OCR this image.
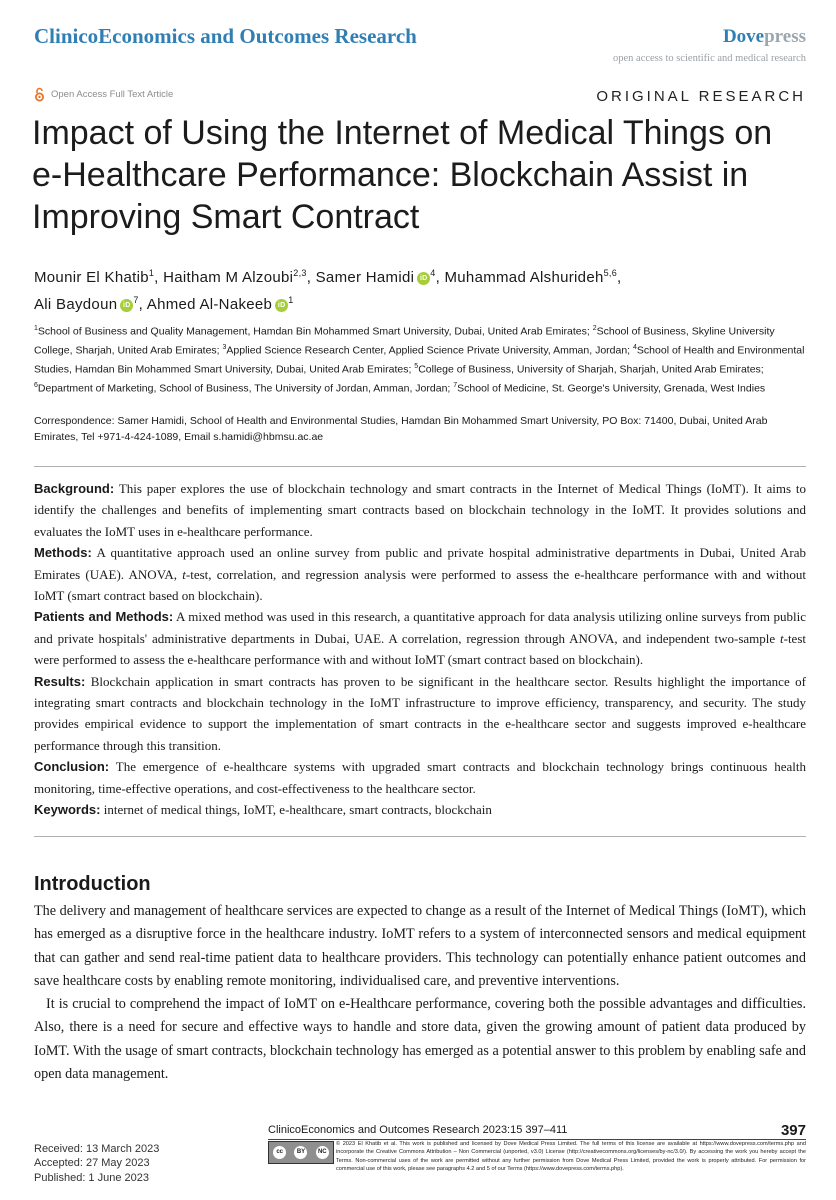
ClinicoEconomics and Outcomes Research	Dovepress
open access to scientific and medical research
Open Access Full Text Article	ORIGINAL RESEARCH
Impact of Using the Internet of Medical Things on e-Healthcare Performance: Blockchain Assist in Improving Smart Contract
Mounir El Khatib$^1$, Haitham M Alzoubi$^{2,3}$, Samer Hamidi $iD^4$, Muhammad Alshurideh$^{5,6}$,
Ali Baydoun $iD^7$, Ahmed Al-Nakeeb $iD^1$
$^1$School of Business and Quality Management, Hamdan Bin Mohammed Smart University, Dubai, United Arab Emirates; $^2$School of Business, Skyline University College, Sharjah, United Arab Emirates; $^3$Applied Science Research Center, Applied Science Private University, Amman, Jordan; $^4$School of Health and Environmental Studies, Hamdan Bin Mohammed Smart University, Dubai, United Arab Emirates; $^5$College of Business, University of Sharjah, Sharjah, United Arab Emirates; $^6$Department of Marketing, School of Business, The University of Jordan, Amman, Jordan; $^7$School of Medicine, St. George's University, Grenada, West Indies
Correspondence: Samer Hamidi, School of Health and Environmental Studies, Hamdan Bin Mohammed Smart University, PO Box: 71400, Dubai, United Arab Emirates, Tel +971-4-424-1089, Email s.hamidi@hbmsu.ac.ae

Background: This paper explores the use of blockchain technology and smart contracts in the Internet of Medical Things (IoMT). It aims to identify the challenges and benefits of implementing smart contracts based on blockchain technology in the IoMT. It provides solutions and evaluates the IoMT uses in e-healthcare performance.

Methods: A quantitative approach used an online survey from public and private hospital administrative departments in Dubai, United Arab Emirates (UAE). ANOVA, t-test, correlation, and regression analysis were performed to assess the e-healthcare performance with and without IoMT (smart contract based on blockchain).

Patients and Methods: A mixed method was used in this research, a quantitative approach for data analysis utilizing online surveys from public and private hospitals' administrative departments in Dubai, UAE. A correlation, regression through ANOVA, and independent two-sample t-test were performed to assess the e-healthcare performance with and without IoMT (smart contract based on blockchain).

Results: Blockchain application in smart contracts has proven to be significant in the healthcare sector. Results highlight the importance of integrating smart contracts and blockchain technology in the IoMT infrastructure to improve efficiency, transparency, and security. The study provides empirical evidence to support the implementation of smart contracts in the e-healthcare sector and suggests improved e-healthcare performance through this transition.

Conclusion: The emergence of e-healthcare systems with upgraded smart contracts and blockchain technology brings continuous health monitoring, time-effective operations, and cost-effectiveness to the healthcare sector.

Keywords: internet of medical things, IoMT, e-healthcare, smart contracts, blockchain

Introduction

The delivery and management of healthcare services are expected to change as a result of the Internet of Medical Things (IoMT), which has emerged as a disruptive force in the healthcare industry. IoMT refers to a system of interconnected sensors and medical equipment that can gather and send real-time patient data to healthcare providers. This technology can potentially enhance patient outcomes and save healthcare costs by enabling remote monitoring, individualised care, and preventive interventions.

It is crucial to comprehend the impact of IoMT on e-Healthcare performance, covering both the possible advantages and difficulties. Also, there is a need for secure and effective ways to handle and store data, given the growing amount of patient data produced by IoMT. With the usage of smart contracts, blockchain technology has emerged as a potential answer to this problem by enabling safe and open data management.

ClinicoEconomics and Outcomes Research 2023:15 397–411	397
Received: 13 March 2023
Accepted: 27 May 2023
Published: 1 June 2023
cc	BY	NC
© 2023 El Khatib et al. This work is published and licensed by Dove Medical Press Limited. The full terms of this license are available at https://www.dovepress.com/terms.php and incorporate the Creative Commons Attribution – Non Commercial (unported, v3.0) License (http://creativecommons.org/licenses/by-nc/3.0/). By accessing the work you hereby accept the Terms. Non-commercial uses of the work are permitted without any further permission from Dove Medical Press Limited, provided the work is properly attributed. For permission for commercial use of this work, please see paragraphs 4.2 and 5 of our Terms (https://www.dovepress.com/terms.php).
